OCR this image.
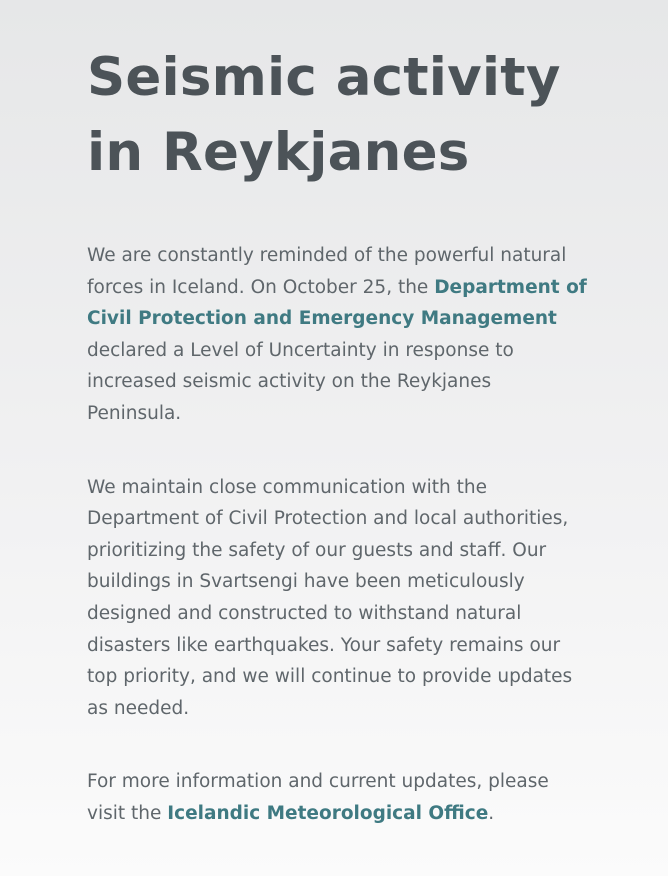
Seismic activity
in Reykjanes

We are constantly reminded of the powerful natural forces in Iceland. On October 25, the Department of Civil Protection and Emergency Management declared a Level of Uncertainty in response to increased seismic activity on the Reykjanes Peninsula.

We maintain close communication with the Department of Civil Protection and local authorities, prioritizing the safety of our guests and staff. Our buildings in Svartsengi have been meticulously designed and constructed to withstand natural disasters like earthquakes. Your safety remains our top priority, and we will continue to provide updates as needed.

For more information and current updates, please visit the Icelandic Meteorological Office.
